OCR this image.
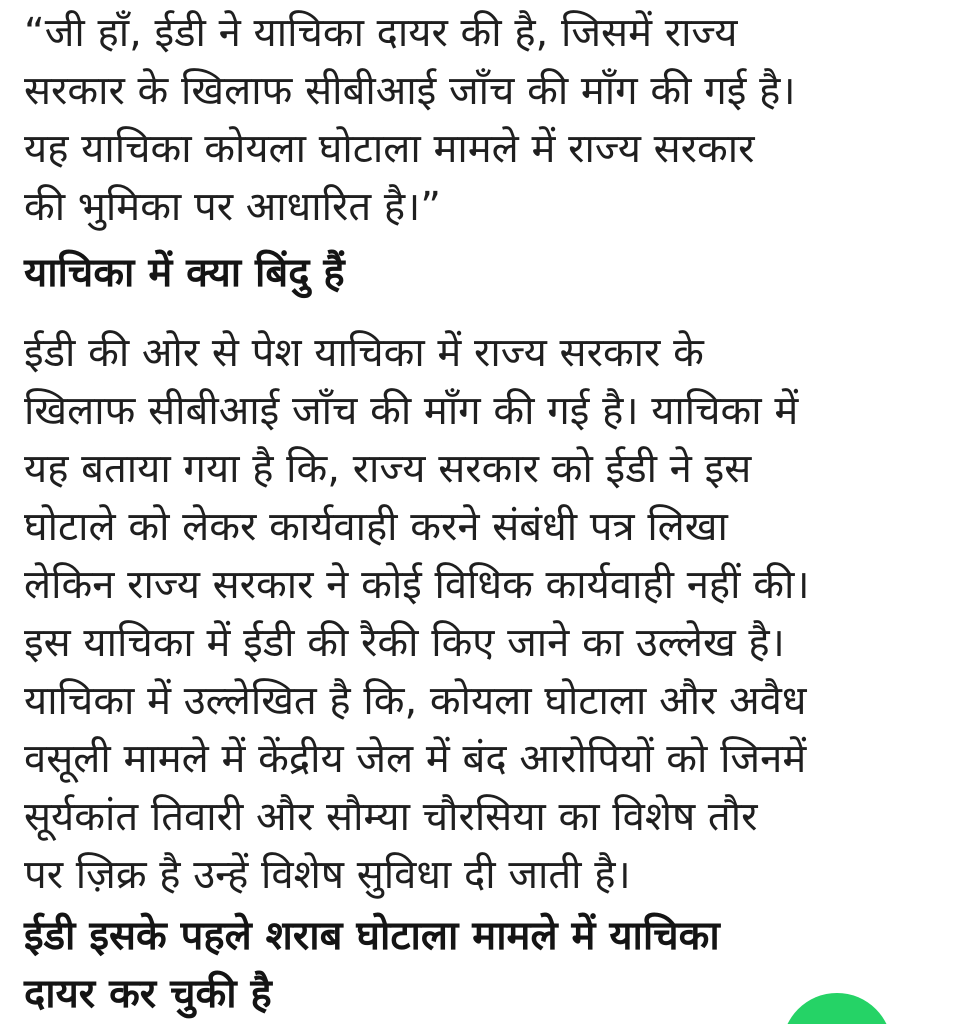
“जी हाँ, ईडी ने याचिका दायर की है, जिसमें राज्य
सरकार के खिलाफ सीबीआई जाँच की माँग की गई है।
यह याचिका कोयला घोटाला मामले में राज्य सरकार
की भुमिका पर आधारित है।”

याचिका में क्या बिंदु हैं

ईडी की ओर से पेश याचिका में राज्य सरकार के
खिलाफ सीबीआई जाँच की माँग की गई है। याचिका में
यह बताया गया है कि, राज्य सरकार को ईडी ने इस
घोटाले को लेकर कार्यवाही करने संबंधी पत्र लिखा
लेकिन राज्य सरकार ने कोई विधिक कार्यवाही नहीं की।
इस याचिका में ईडी की रैकी किए जाने का उल्लेख है।
याचिका में उल्लेखित है कि, कोयला घोटाला और अवैध
वसूली मामले में केंद्रीय जेल में बंद आरोपियों को जिनमें
सूर्यकांत तिवारी और सौम्या चौरसिया का विशेष तौर
पर ज़िक्र है उन्हें विशेष सुविधा दी जाती है।

ईडी इसके पहले शराब घोटाला मामले में याचिका
दायर कर चुकी है
